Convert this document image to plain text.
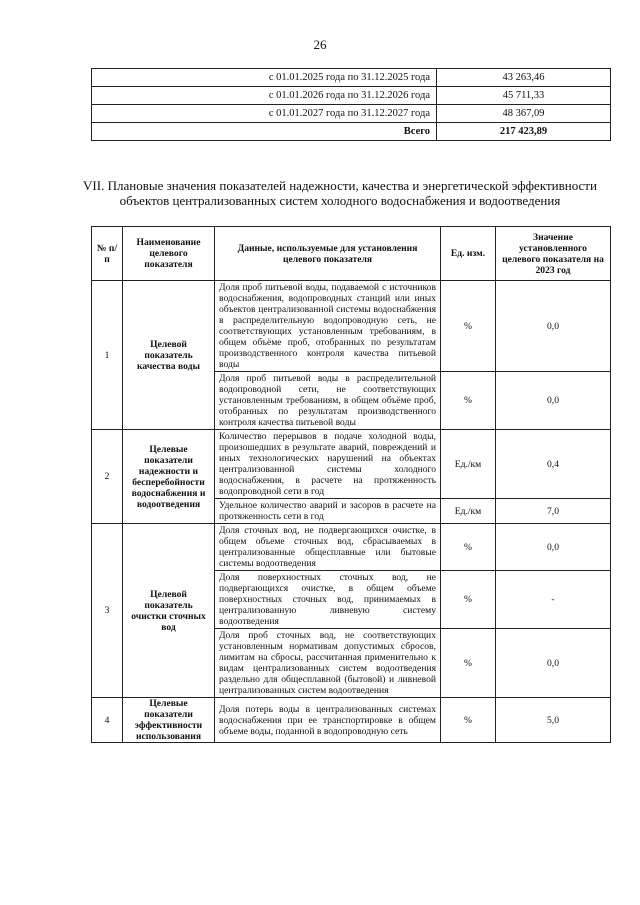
26
с 01.01.2025 года по 31.12.2025 года	43 263,46
с 01.01.2026 года по 31.12.2026 года	45 711,33
с 01.01.2027 года по 31.12.2027 года	48 367,09
Всего	217 423,89
VII. Плановые значения показателей надежности, качества и энергетической эффективности объектов централизованных систем холодного водоснабжения и водоотведения
№ п/п	Наименование целевого показателя	Данные, используемые для установления целевого показателя	Ед. изм.	Значение установленного целевого показателя на 2023 год
1	Целевой показатель качества воды	Доля проб питьевой воды, подаваемой с источников водоснабжения, водопроводных станций или иных объектов централизованной системы водоснабжения в распределительную водопроводную сеть, не соответствующих установленным требованиям, в общем объёме проб, отобранных по результатам производственного контроля качества питьевой воды	%	0,0
		Доля проб питьевой воды в распределительной водопроводной сети, не соответствующих установленным требованиям, в общем объёме проб, отобранных по результатам производственного контроля качества питьевой воды	%	0,0
2	Целевые показатели надежности и бесперебойности водоснабжения и водоотведения	Количество перерывов в подаче холодной воды, произошедших в результате аварий, повреждений и иных технологических нарушений на объектах централизованной системы холодного водоснабжения, в расчете на протяженность водопроводной сети в год	Ед./км	0,4
		Удельное количество аварий и засоров в расчете на протяженность сети в год	Ед./км	7,0
3	Целевой показатель очистки сточных вод	Доля сточных вод, не подвергающихся очистке, в общем объеме сточных вод, сбрасываемых в централизованные общесплавные или бытовые системы водоотведения	%	0,0
		Доля поверхностных сточных вод, не подвергающихся очистке, в общем объеме поверхностных сточных вод, принимаемых в централизованную ливневую систему водоотведения	%	-
		Доля проб сточных вод, не соответствующих установленным нормативам допустимых сбросов, лимитам на сбросы, рассчитанная применительно к видам централизованных систем водоотведения раздельно для общесплавной (бытовой) и ливневой централизованных систем водоотведения	%	0,0
4	Целевые показатели эффективности использования	Доля потерь воды в централизованных системах водоснабжения при ее транспортировке в общем объеме воды, поданной в водопроводную сеть	%	5,0
